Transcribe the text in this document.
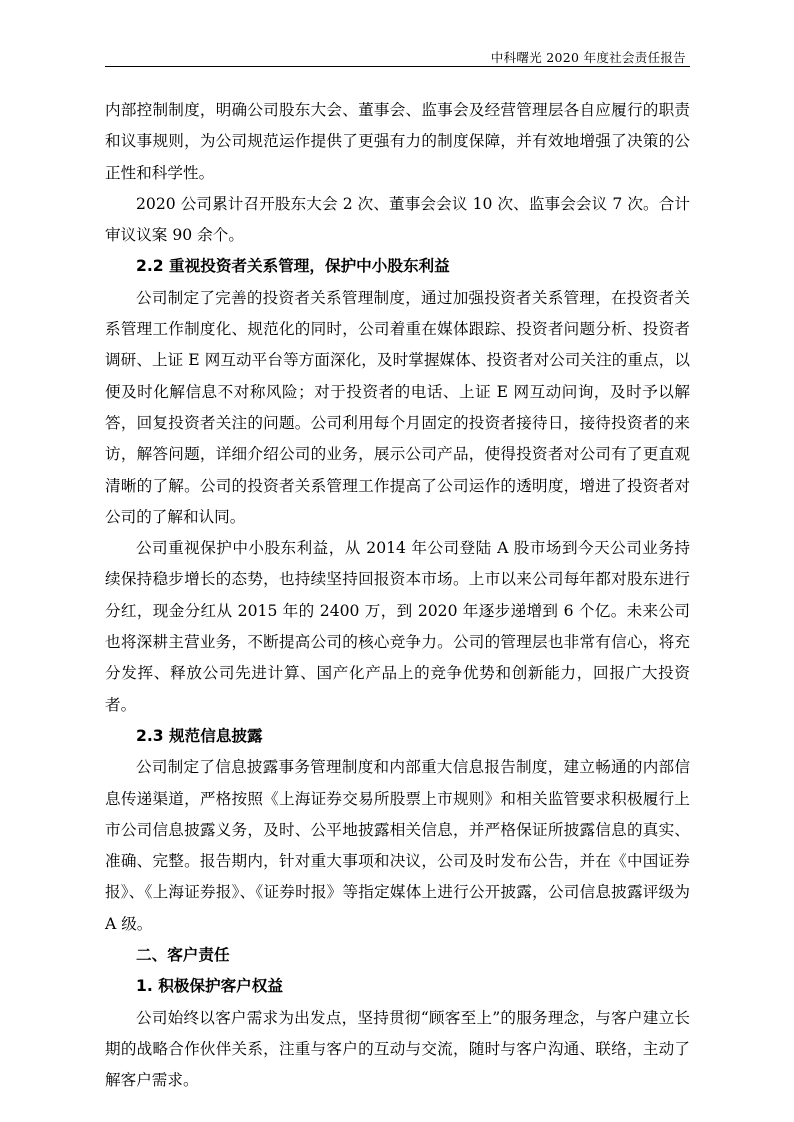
中科曙光 2020 年度社会责任报告

内部控制制度，明确公司股东大会、董事会、监事会及经营管理层各自应履行的职责和议事规则，为公司规范运作提供了更强有力的制度保障，并有效地增强了决策的公正性和科学性。

2020 公司累计召开股东大会 2 次、董事会会议 10 次、监事会会议 7 次。合计审议议案 90 余个。

2.2 重视投资者关系管理，保护中小股东利益

公司制定了完善的投资者关系管理制度，通过加强投资者关系管理，在投资者关系管理工作制度化、规范化的同时，公司着重在媒体跟踪、投资者问题分析、投资者调研、上证 E 网互动平台等方面深化，及时掌握媒体、投资者对公司关注的重点，以便及时化解信息不对称风险；对于投资者的电话、上证 E 网互动问询，及时予以解答，回复投资者关注的问题。公司利用每个月固定的投资者接待日，接待投资者的来访，解答问题，详细介绍公司的业务，展示公司产品，使得投资者对公司有了更直观清晰的了解。公司的投资者关系管理工作提高了公司运作的透明度，增进了投资者对公司的了解和认同。

公司重视保护中小股东利益，从 2014 年公司登陆 A 股市场到今天公司业务持续保持稳步增长的态势，也持续坚持回报资本市场。上市以来公司每年都对股东进行分红，现金分红从 2015 年的 2400 万，到 2020 年逐步递增到 6 个亿。未来公司也将深耕主营业务，不断提高公司的核心竞争力。公司的管理层也非常有信心，将充分发挥、释放公司先进计算、国产化产品上的竞争优势和创新能力，回报广大投资者。

2.3 规范信息披露

公司制定了信息披露事务管理制度和内部重大信息报告制度，建立畅通的内部信息传递渠道，严格按照《上海证券交易所股票上市规则》和相关监管要求积极履行上市公司信息披露义务，及时、公平地披露相关信息，并严格保证所披露信息的真实、准确、完整。报告期内，针对重大事项和决议，公司及时发布公告，并在《中国证券报》、《上海证券报》、《证券时报》等指定媒体上进行公开披露，公司信息披露评级为 A 级。

二、客户责任

1. 积极保护客户权益

公司始终以客户需求为出发点，坚持贯彻“顾客至上”的服务理念，与客户建立长期的战略合作伙伴关系，注重与客户的互动与交流，随时与客户沟通、联络，主动了解客户需求。
